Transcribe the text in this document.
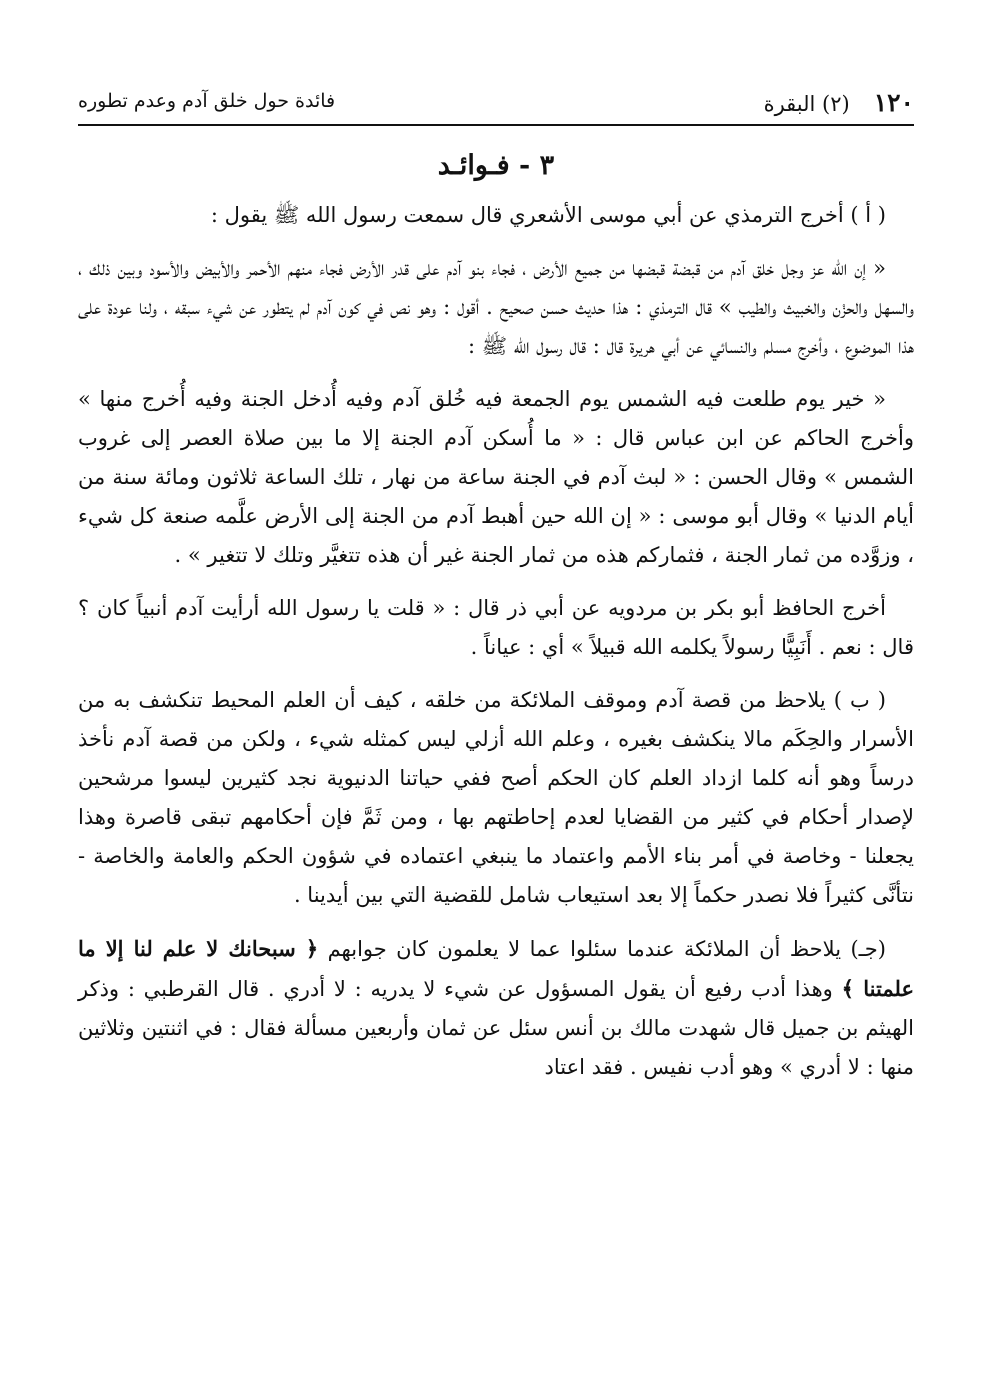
١٢٠
(٢) البقرة
فائدة حول خلق آدم وعدم تطوره
٣ - فـوائـد

( أ ) أخرج الترمذي عن أبي موسى الأشعري قال سمعت رسول الله ﷺ يقول :

« إن الله عز وجل خلق آدم من قبضة قبضها من جميع الأرض ، فجاء بنو آدم على قدر الأرض فجاء منهم الأحمر والأبيض والأسود وبين ذلك ، والسهل والحزْن والخبيث والطيب » قال الترمذي : هذا حديث حسن صحيح . أقول : وهو نص في كون آدم لم يتطور عن شيء سبقه ، ولنا عودة على هذا الموضوع ، وأخرج مسلم والنسائي عن أبي هريرة قال : قال رسول الله ﷺ :

« خير يوم طلعت فيه الشمس يوم الجمعة فيه خُلق آدم وفيه أُدخل الجنة وفيه أُخرج منها » وأخرج الحاكم عن ابن عباس قال : « ما أُسكن آدم الجنة إلا ما بين صلاة العصر إلى غروب الشمس » وقال الحسن : « لبث آدم في الجنة ساعة من نهار ، تلك الساعة ثلاثون ومائة سنة من أيام الدنيا » وقال أبو موسى : « إن الله حين أهبط آدم من الجنة إلى الأرض علَّمه صنعة كل شيء ، وزوَّده من ثمار الجنة ، فثماركم هذه من ثمار الجنة غير أن هذه تتغيَّر وتلك لا تتغير » .

أخرج الحافظ أبو بكر بن مردويه عن أبي ذر قال : « قلت يا رسول الله أرأيت آدم أنبياً كان ؟ قال : نعم . أَنَبِيًّا رسولاً يكلمه الله قبيلاً » أي : عياناً .

( ب ) يلاحظ من قصة آدم وموقف الملائكة من خلقه ، كيف أن العلم المحيط تنكشف به من الأسرار والحِكَم مالا ينكشف بغيره ، وعلم الله أزلي ليس كمثله شيء ، ولكن من قصة آدم نأخذ درساً وهو أنه كلما ازداد العلم كان الحكم أصح ففي حياتنا الدنيوية نجد كثيرين ليسوا مرشحين لإصدار أحكام في كثير من القضايا لعدم إحاطتهم بها ، ومن ثَمَّ فإن أحكامهم تبقى قاصرة وهذا يجعلنا - وخاصة في أمر بناء الأمم واعتماد ما ينبغي اعتماده في شؤون الحكم والعامة والخاصة - نتأنَّى كثيراً فلا نصدر حكماً إلا بعد استيعاب شامل للقضية التي بين أيدينا .

(جـ) يلاحظ أن الملائكة عندما سئلوا عما لا يعلمون كان جوابهم ﴿ سبحانك لا علم لنا إلا ما علمتنا ﴾ وهذا أدب رفيع أن يقول المسؤول عن شيء لا يدريه : لا أدري . قال القرطبي : وذكر الهيثم بن جميل قال شهدت مالك بن أنس سئل عن ثمان وأربعين مسألة فقال : في اثنتين وثلاثين منها : لا أدري » وهو أدب نفيس . فقد اعتاد
